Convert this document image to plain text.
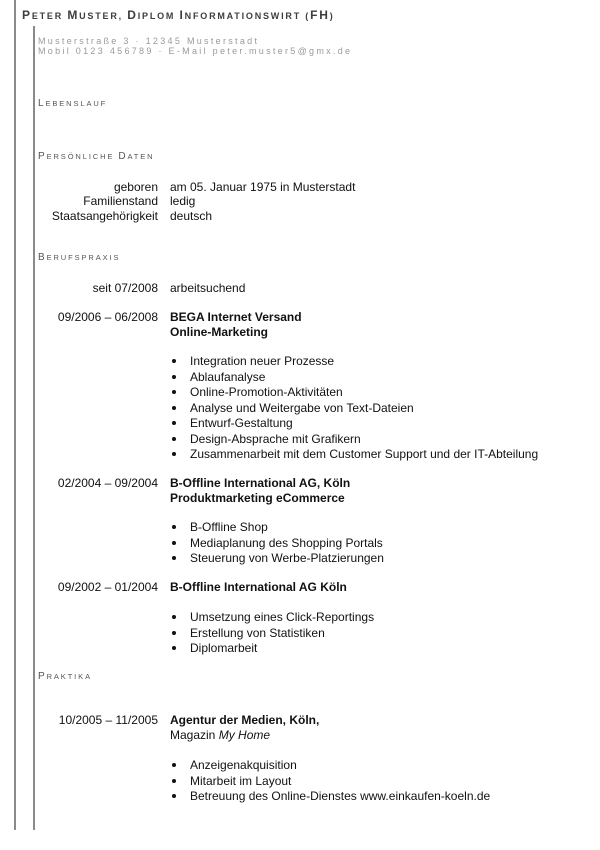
PETER MUSTER, DIPLOM INFORMATIONSWIRT (FH)
Musterstraße 3 · 12345 Musterstadt
Mobil 0123 456789 · E-Mail peter.muster5@gmx.de
LEBENSLAUF
PERSÖNLICHE DATEN
geboren am 05. Januar 1975 in Musterstadt
Familienstand ledig
Staatsangehörigkeit deutsch
BERUFSPRAXIS
seit 07/2008 arbeitsuchend
09/2006 – 06/2008 BEGA Internet Versand
Online-Marketing
Integration neuer Prozesse
Ablaufanalyse
Online-Promotion-Aktivitäten
Analyse und Weitergabe von Text-Dateien
Entwurf-Gestaltung
Design-Absprache mit Grafikern
Zusammenarbeit mit dem Customer Support und der IT-Abteilung
02/2004 – 09/2004 B-Offline International AG, Köln
Produktmarketing eCommerce
B-Offline Shop
Mediaplanung des Shopping Portals
Steuerung von Werbe-Platzierungen
09/2002 – 01/2004 B-Offline International AG Köln
Umsetzung eines Click-Reportings
Erstellung von Statistiken
Diplomarbeit
PRAKTIKA
10/2005 – 11/2005 Agentur der Medien, Köln,
Magazin My Home
Anzeigenakquisition
Mitarbeit im Layout
Betreuung des Online-Dienstes www.einkaufen-koeln.de
